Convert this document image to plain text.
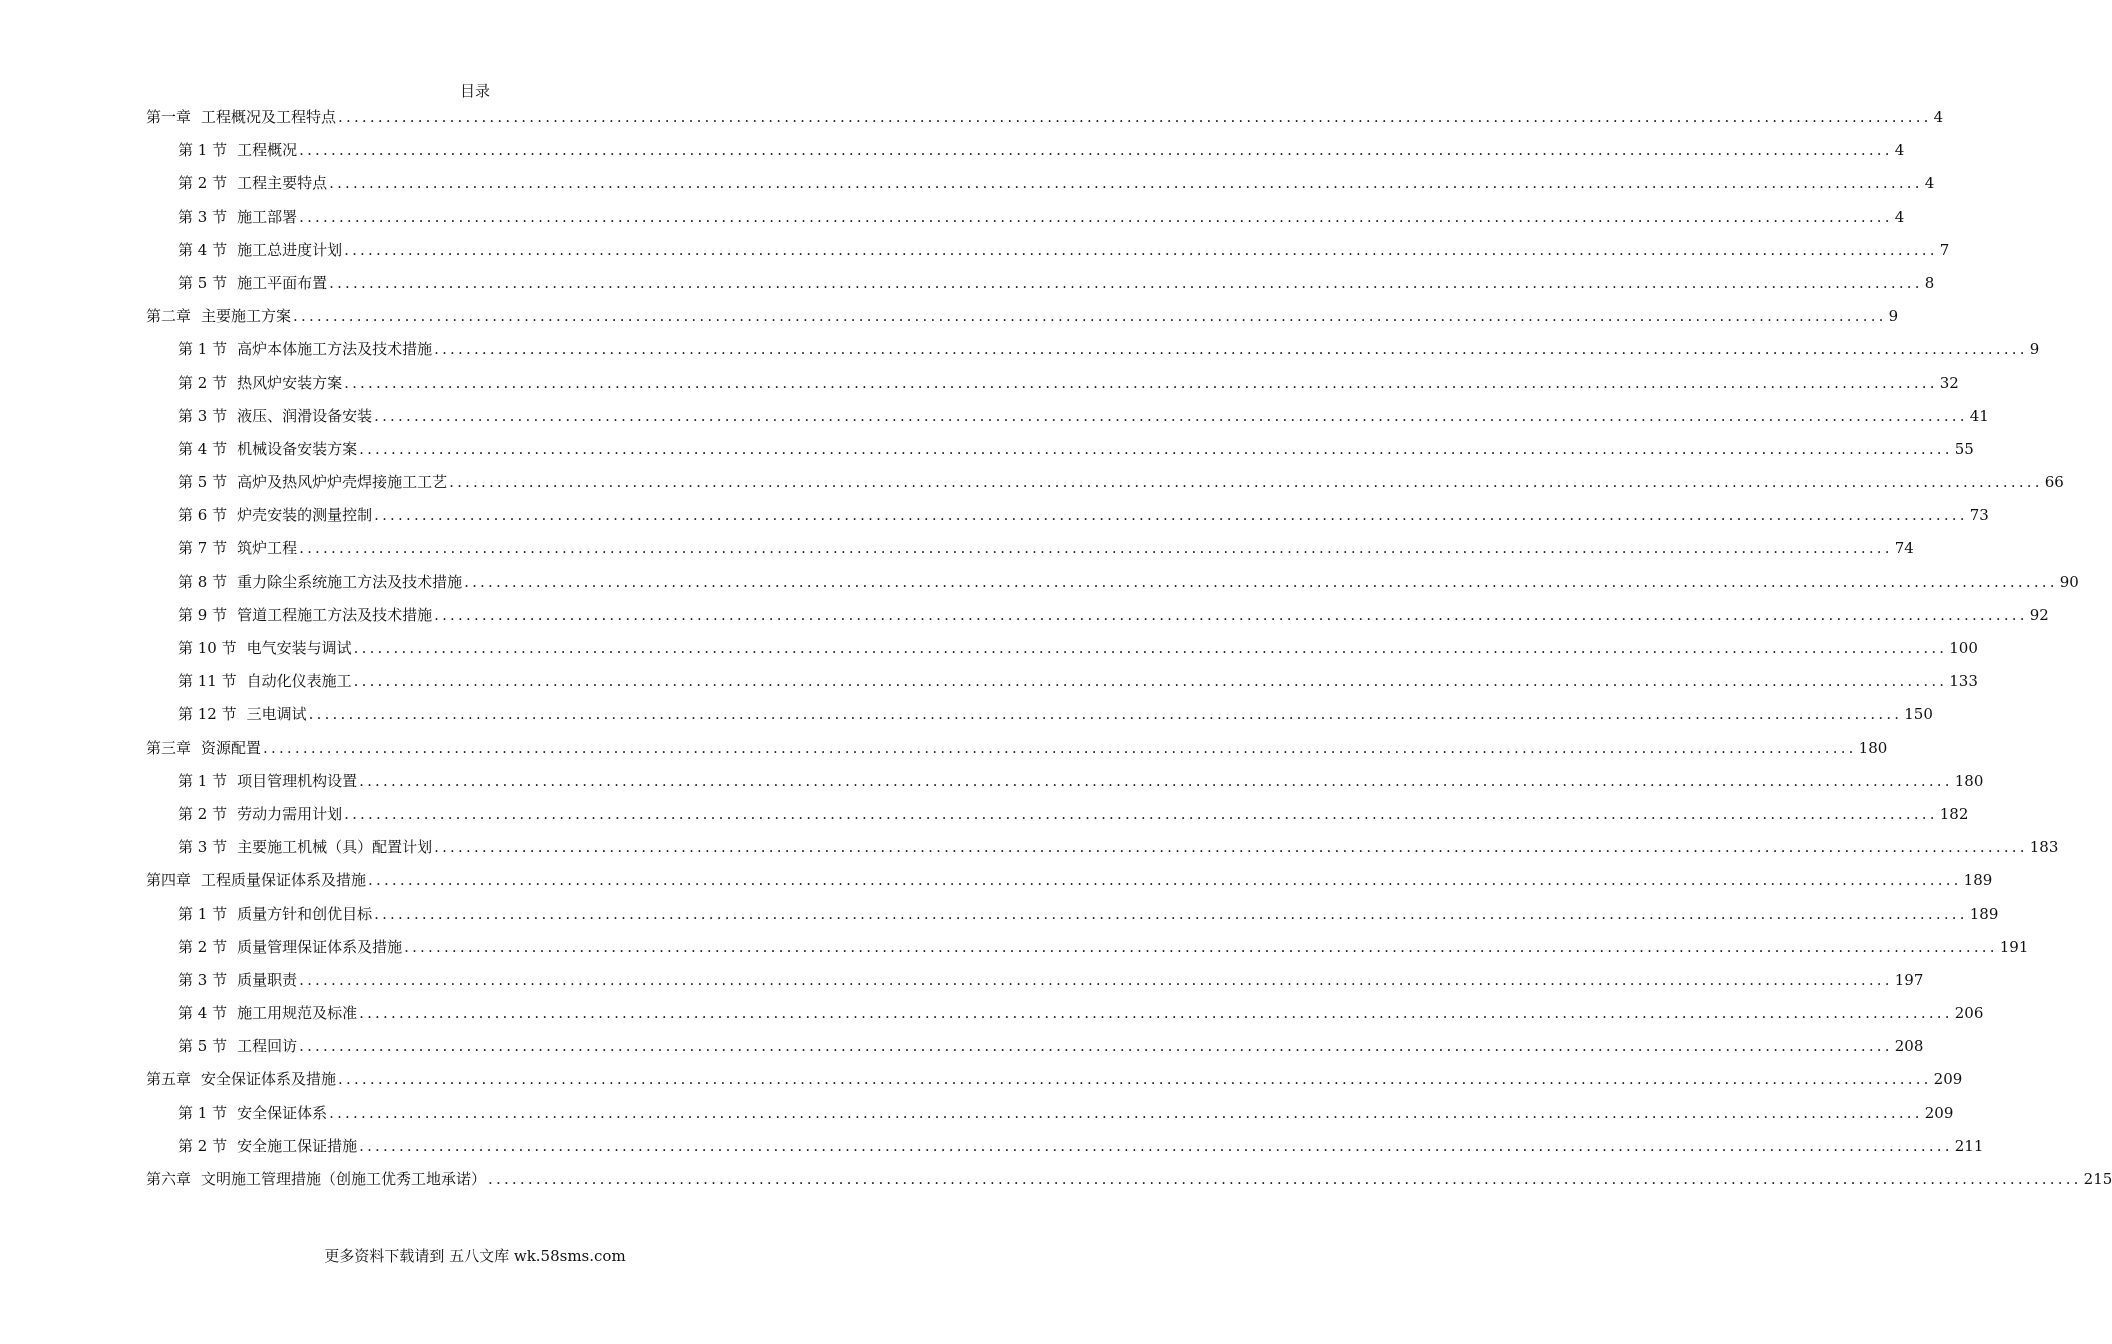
目录
第一章 工程概况及工程特点 ........................................................................................................................................................................................................ 4
第 1 节 工程概况 ........................................................................................................................................................................................................ 4
第 2 节 工程主要特点 ........................................................................................................................................................................................................ 4
第 3 节 施工部署 ........................................................................................................................................................................................................ 4
第 4 节 施工总进度计划 ........................................................................................................................................................................................................ 7
第 5 节 施工平面布置 ........................................................................................................................................................................................................ 8
第二章 主要施工方案 ........................................................................................................................................................................................................ 9
第 1 节 高炉本体施工方法及技术措施 ........................................................................................................................................................................................................ 9
第 2 节 热风炉安装方案 ........................................................................................................................................................................................................ 32
第 3 节 液压、润滑设备安装 ........................................................................................................................................................................................................ 41
第 4 节 机械设备安装方案 ........................................................................................................................................................................................................ 55
第 5 节 高炉及热风炉炉壳焊接施工工艺 ........................................................................................................................................................................................................ 66
第 6 节 炉壳安装的测量控制 ........................................................................................................................................................................................................ 73
第 7 节 筑炉工程 ........................................................................................................................................................................................................ 74
第 8 节 重力除尘系统施工方法及技术措施 ........................................................................................................................................................................................................ 90
第 9 节 管道工程施工方法及技术措施 ........................................................................................................................................................................................................ 92
第 10 节 电气安装与调试 ........................................................................................................................................................................................................ 100
第 11 节 自动化仪表施工 ........................................................................................................................................................................................................ 133
第 12 节 三电调试 ........................................................................................................................................................................................................ 150
第三章 资源配置 ........................................................................................................................................................................................................ 180
第 1 节 项目管理机构设置 ........................................................................................................................................................................................................ 180
第 2 节 劳动力需用计划 ........................................................................................................................................................................................................ 182
第 3 节 主要施工机械（具）配置计划 ........................................................................................................................................................................................................ 183
第四章 工程质量保证体系及措施 ........................................................................................................................................................................................................ 189
第 1 节 质量方针和创优目标 ........................................................................................................................................................................................................ 189
第 2 节 质量管理保证体系及措施 ........................................................................................................................................................................................................ 191
第 3 节 质量职责 ........................................................................................................................................................................................................ 197
第 4 节 施工用规范及标准 ........................................................................................................................................................................................................ 206
第 5 节 工程回访 ........................................................................................................................................................................................................ 208
第五章 安全保证体系及措施 ........................................................................................................................................................................................................ 209
第 1 节 安全保证体系 ........................................................................................................................................................................................................ 209
第 2 节 安全施工保证措施 ........................................................................................................................................................................................................ 211
第六章 文明施工管理措施（创施工优秀工地承诺） ........................................................................................................................................................................................................ 215
更多资料下载请到 五八文库 wk.58sms.com
